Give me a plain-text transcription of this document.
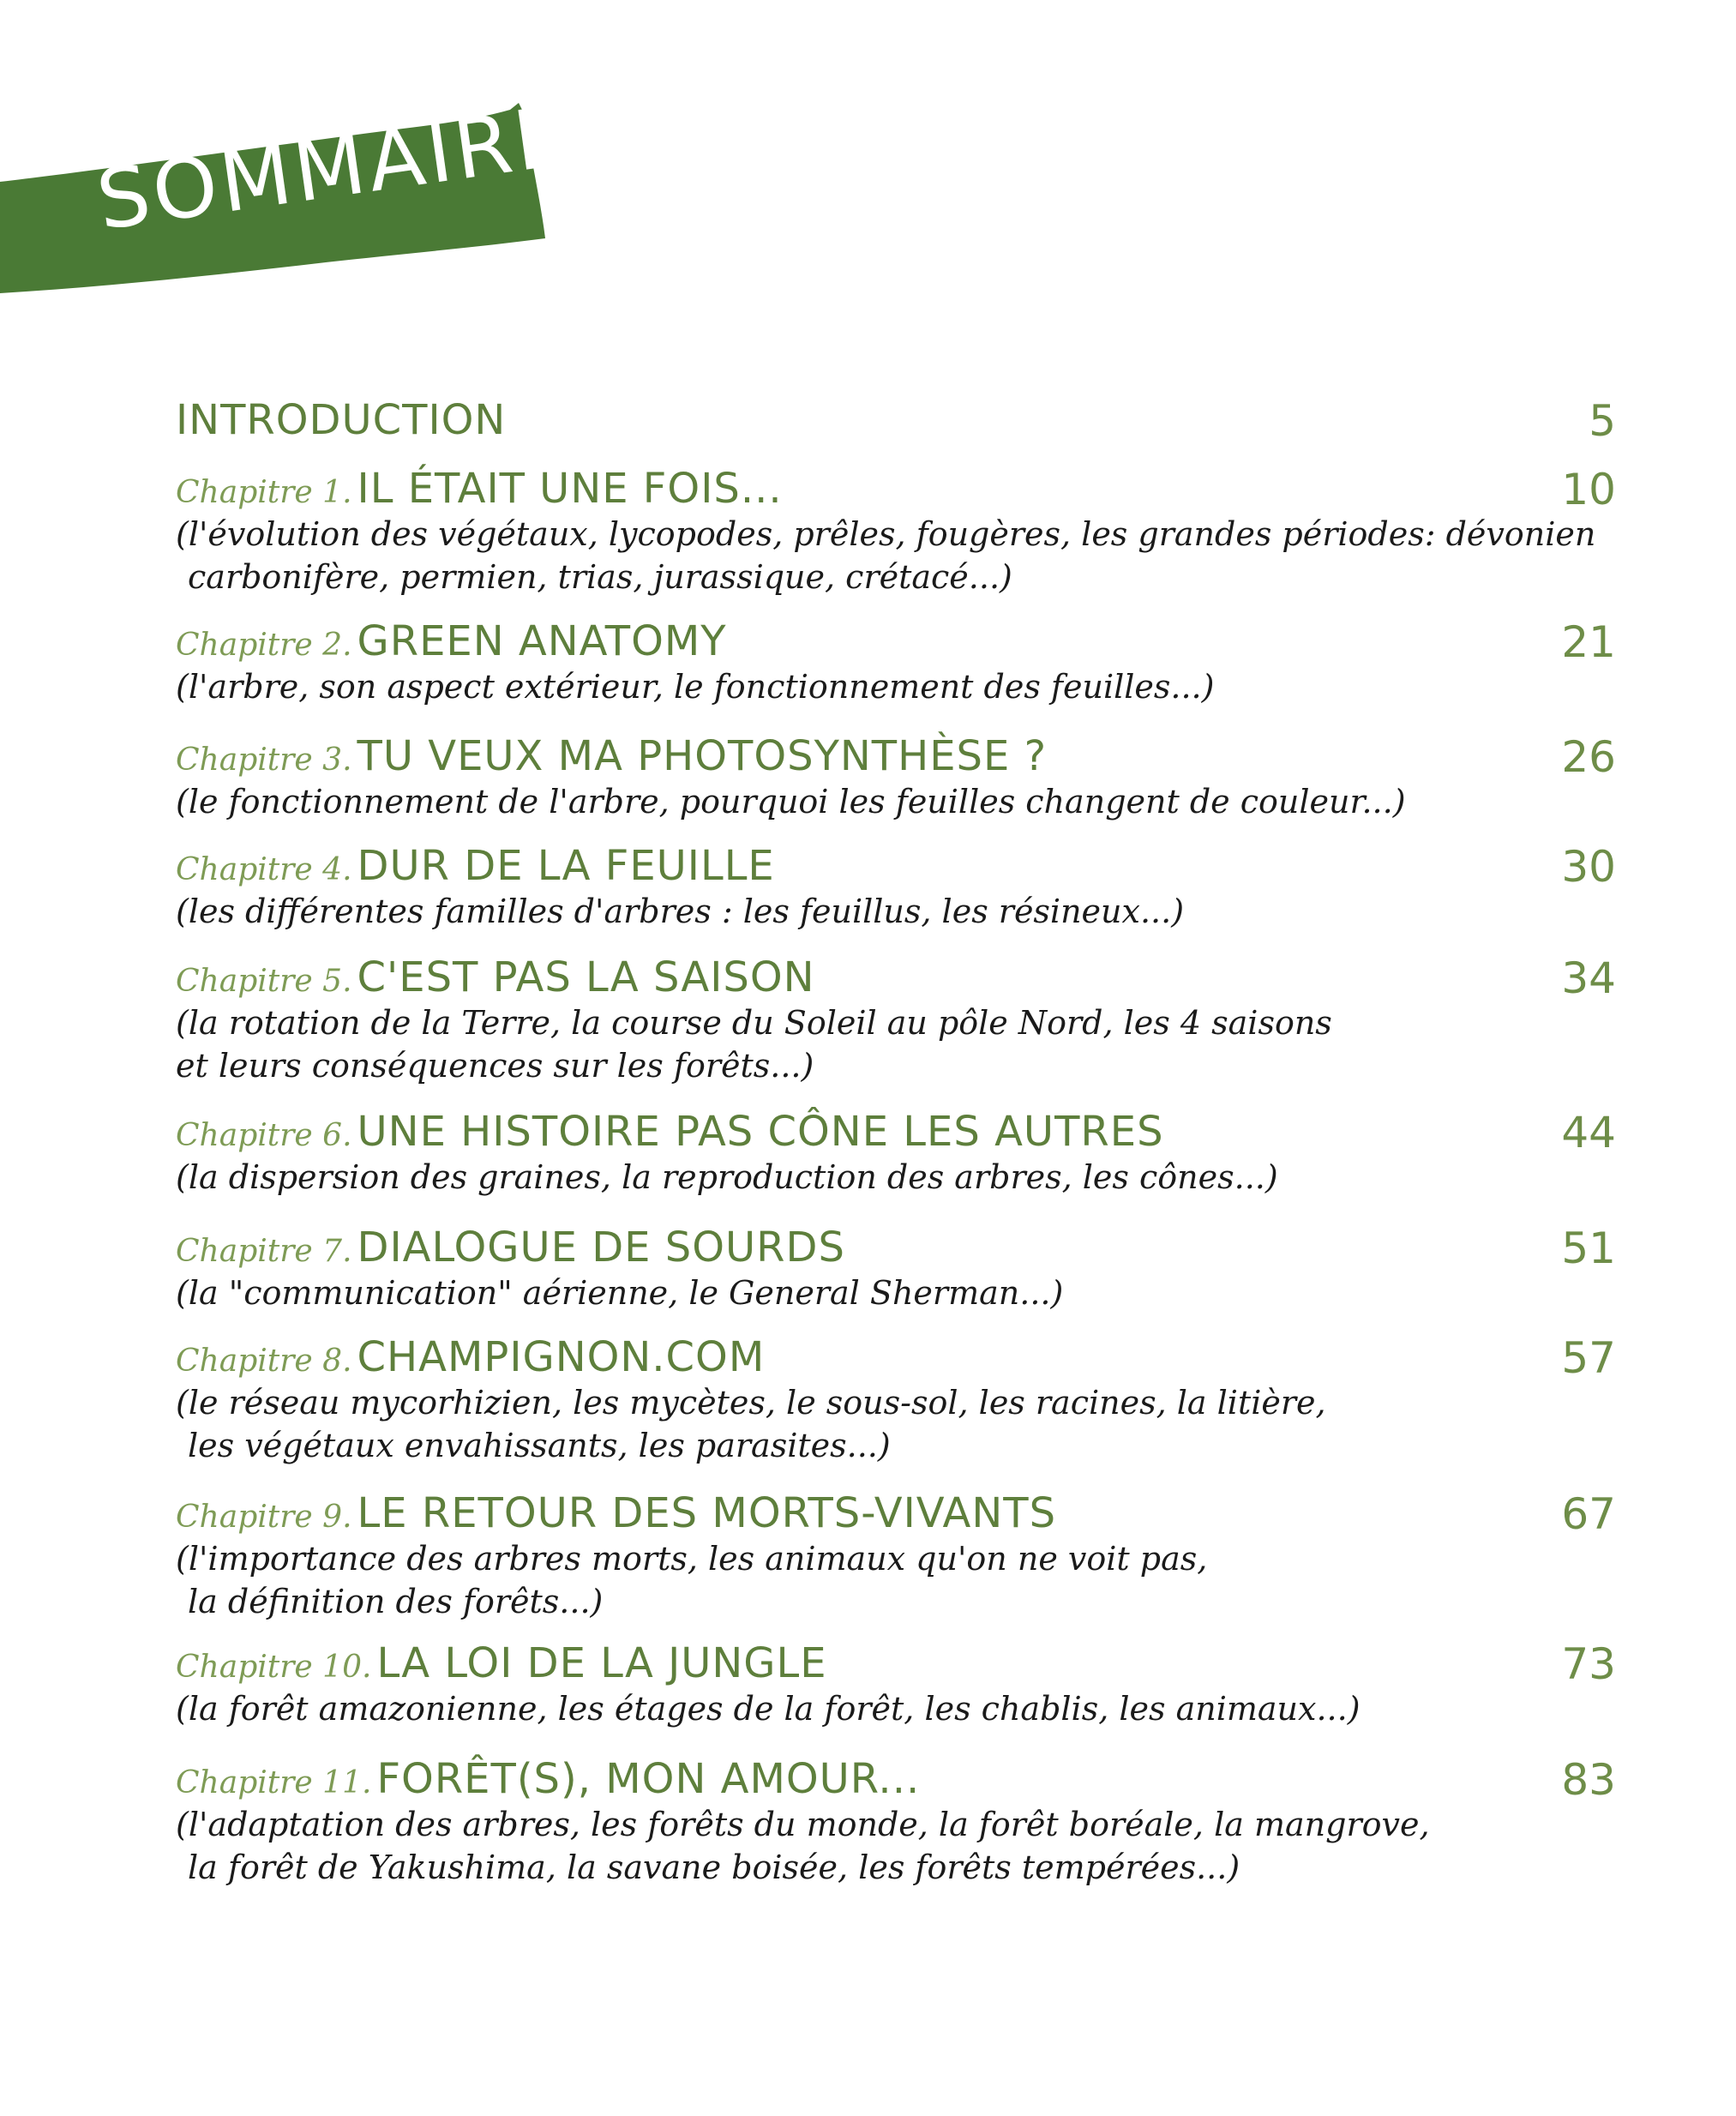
SOMMAIRE
INTRODUCTION	5
Chapitre 1. IL ÉTAIT UNE FOIS...	10
(l'évolution des végétaux, lycopodes, prêles, fougères, les grandes périodes: dévonien
carbonifère, permien, trias, jurassique, crétacé...)
Chapitre 2. GREEN ANATOMY	21
(l'arbre, son aspect extérieur, le fonctionnement des feuilles...)
Chapitre 3. TU VEUX MA PHOTOSYNTHÈSE ?	26
(le fonctionnement de l'arbre, pourquoi les feuilles changent de couleur...)
Chapitre 4. DUR DE LA FEUILLE	30
(les différentes familles d'arbres : les feuillus, les résineux...)
Chapitre 5. C'EST PAS LA SAISON	34
(la rotation de la Terre, la course du Soleil au pôle Nord, les 4 saisons
et leurs conséquences sur les forêts...)
Chapitre 6. UNE HISTOIRE PAS CÔNE LES AUTRES	44
(la dispersion des graines, la reproduction des arbres, les cônes...)
Chapitre 7. DIALOGUE DE SOURDS	51
(la "communication" aérienne, le General Sherman...)
Chapitre 8. CHAMPIGNON.COM	57
(le réseau mycorhizien, les mycètes, le sous-sol, les racines, la litière,
les végétaux envahissants, les parasites...)
Chapitre 9. LE RETOUR DES MORTS-VIVANTS	67
(l'importance des arbres morts, les animaux qu'on ne voit pas,
la définition des forêts...)
Chapitre 10. LA LOI DE LA JUNGLE	73
(la forêt amazonienne, les étages de la forêt, les chablis, les animaux...)
Chapitre 11. FORÊT(S), MON AMOUR...	83
(l'adaptation des arbres, les forêts du monde, la forêt boréale, la mangrove,
la forêt de Yakushima, la savane boisée, les forêts tempérées...)
